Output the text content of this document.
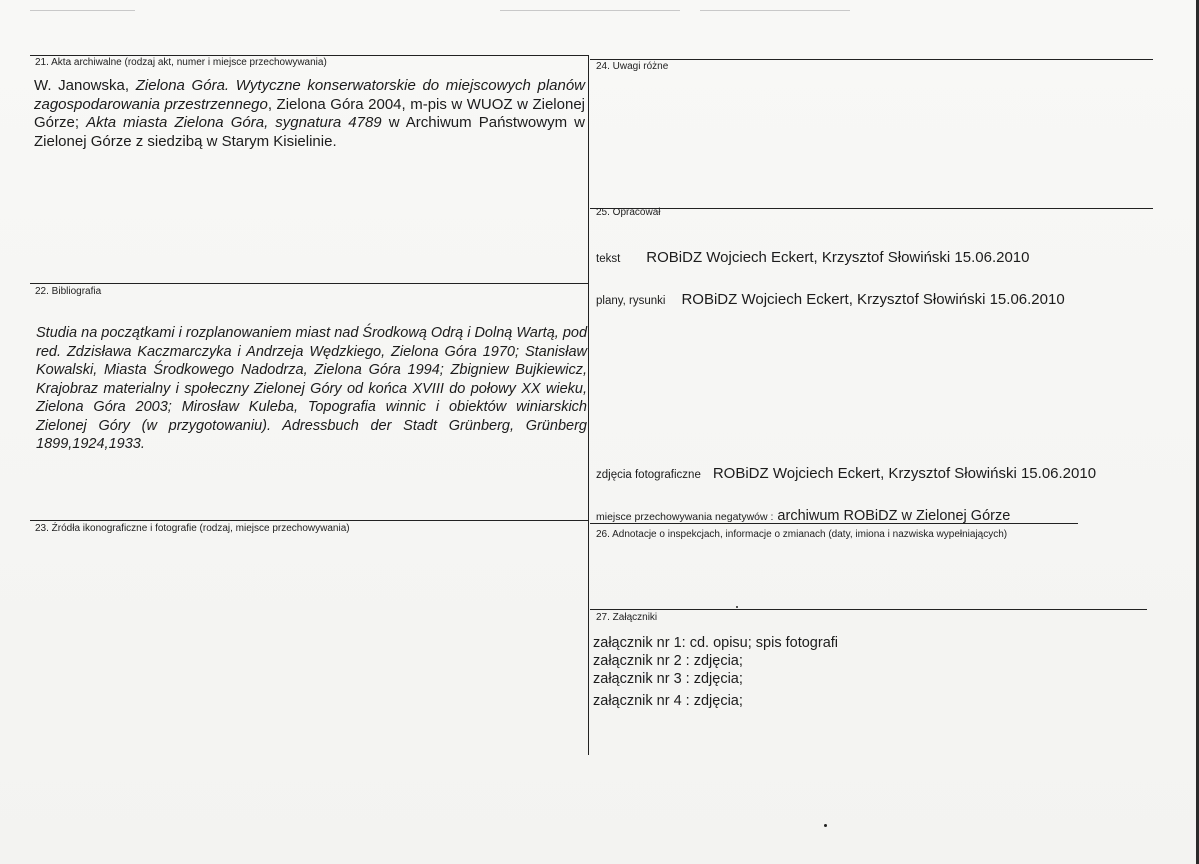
21. Akta archiwalne (rodzaj akt, numer i miejsce przechowywania)
W. Janowska, Zielona Góra. Wytyczne konserwatorskie do miejscowych planów zagospodarowania przestrzennego, Zielona Góra 2004, m-pis w WUOZ w Zielonej Górze; Akta miasta Zielona Góra, sygnatura 4789 w Archiwum Państwowym w Zielonej Górze z siedzibą w Starym Kisielinie.
22. Bibliografia
Studia na początkami i rozplanowaniem miast nad Środkową Odrą i Dolną Wartą, pod red. Zdzisława Kaczmarczyka i Andrzeja Wędzkiego, Zielona Góra 1970; Stanisław Kowalski, Miasta Środkowego Nadodrza, Zielona Góra 1994; Zbigniew Bujkiewicz, Krajobraz materialny i społeczny Zielonej Góry od końca XVIII do połowy XX wieku, Zielona Góra 2003; Mirosław Kuleba, Topografia winnic i obiektów winiarskich Zielonej Góry (w przygotowaniu). Adressbuch der Stadt Grünberg, Grünberg 1899,1924,1933.
23. Źródła ikonograficzne i fotografie (rodzaj, miejsce przechowywania)
24. Uwagi różne
25. Opracował
tekst ROBiDZ Wojciech Eckert, Krzysztof Słowiński 15.06.2010
plany, rysunki ROBiDZ Wojciech Eckert, Krzysztof Słowiński 15.06.2010
zdjęcia fotograficzne ROBiDZ Wojciech Eckert, Krzysztof Słowiński 15.06.2010
miejsce przechowywania negatywów : archiwum ROBiDZ w Zielonej Górze
26. Adnotacje o inspekcjach, informacje o zmianach (daty, imiona i nazwiska wypełniających)
27. Załączniki
załącznik nr 1: cd. opisu; spis fotografi
załącznik nr 2 : zdjęcia;
załącznik nr 3 : zdjęcia;
załącznik nr 4 : zdjęcia;
